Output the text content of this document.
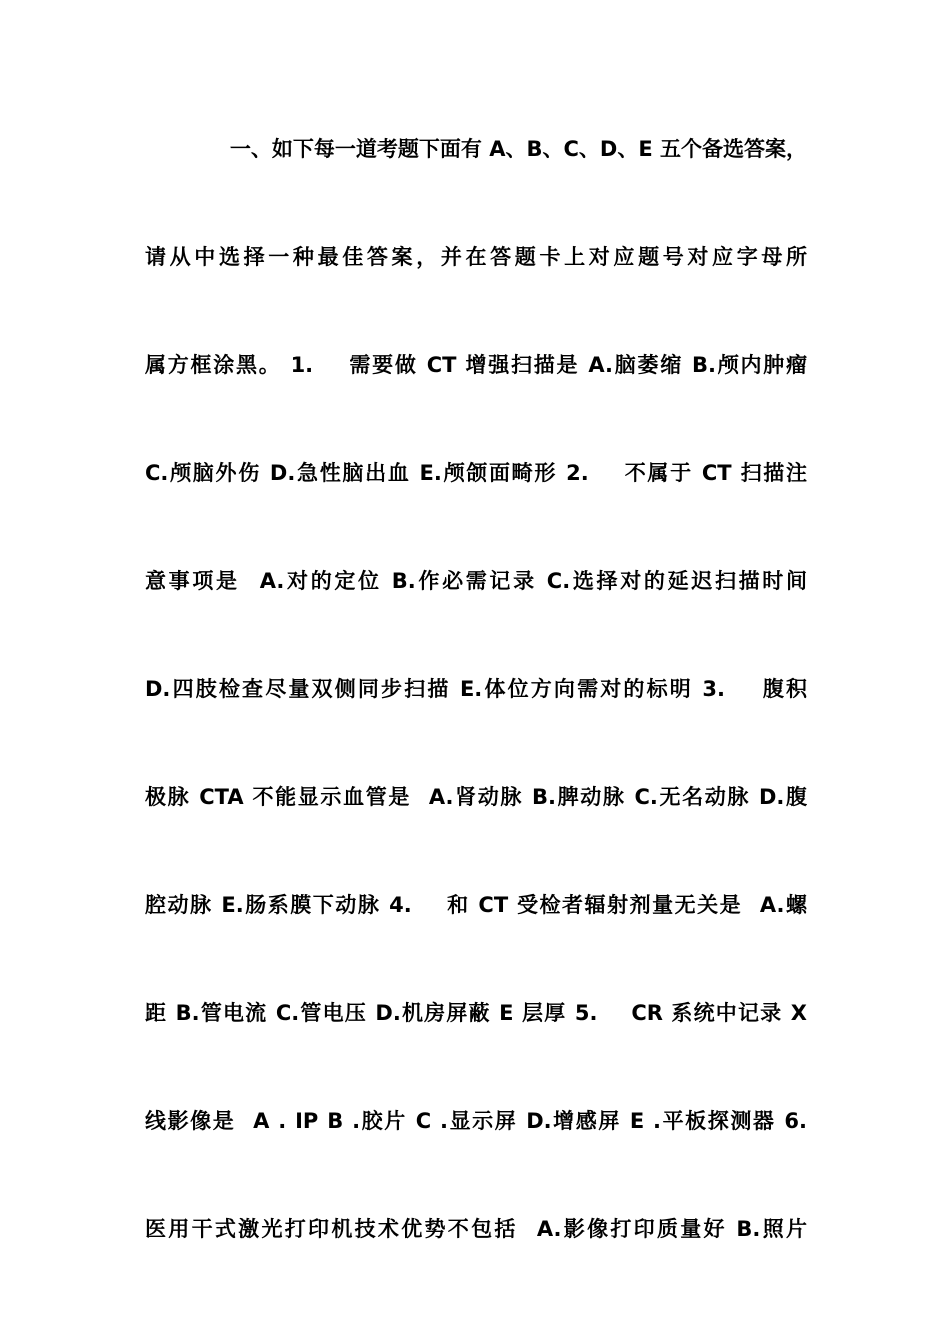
一、如下每一道考题下面有 A、B、C、D、E 五个备选答案，
请从中选择一种最佳答案，并在答题卡上对应题号对应字母所
属方框涂黑。 1.    需要做 CT 增强扫描是 A.脑萎缩 B.颅内肿瘤
C.颅脑外伤 D.急性脑出血 E.颅颌面畸形 2.    不属于 CT 扫描注
意事项是  A.对的定位 B.作必需记录 C.选择对的延迟扫描时间
D.四肢检查尽量双侧同步扫描 E.体位方向需对的标明 3.    腹积
极脉 CTA 不能显示血管是  A.肾动脉 B.脾动脉 C.无名动脉 D.腹
腔动脉 E.肠系膜下动脉 4.    和 CT 受检者辐射剂量无关是  A.螺
距 B.管电流 C.管电压 D.机房屏蔽 E 层厚 5.    CR 系统中记录 X
线影像是  A . IP B .胶片 C .显示屏 D.增感屏 E .平板探测器 6.
医用干式激光打印机技术优势不包括  A.影像打印质量好 B.照片
